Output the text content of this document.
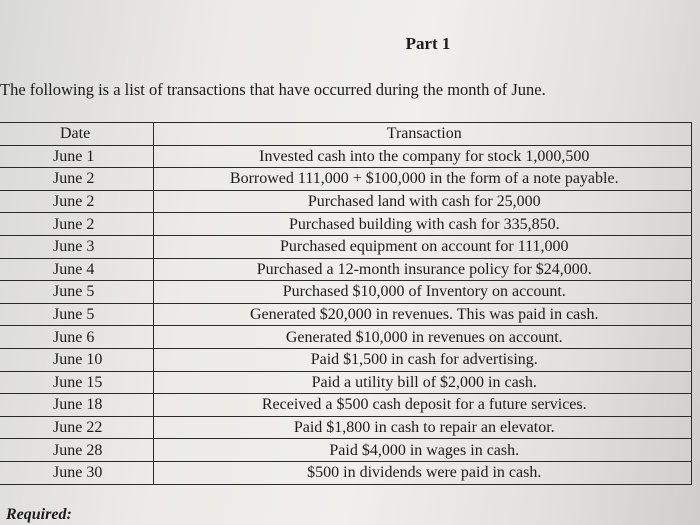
Part 1
The following is a list of transactions that have occurred during the month of June.
Date	Transaction
June 1	Invested cash into the company for stock 1,000,500
June 2	Borrowed 111,000 + $100,000 in the form of a note payable.
June 2	Purchased land with cash for 25,000
June 2	Purchased building with cash for 335,850.
June 3	Purchased equipment on account for 111,000
June 4	Purchased a 12-month insurance policy for $24,000.
June 5	Purchased $10,000 of Inventory on account.
June 5	Generated $20,000 in revenues. This was paid in cash.
June 6	Generated $10,000 in revenues on account.
June 10	Paid $1,500 in cash for advertising.
June 15	Paid a utility bill of $2,000 in cash.
June 18	Received a $500 cash deposit for a future services.
June 22	Paid $1,800 in cash to repair an elevator.
June 28	Paid $4,000 in wages in cash.
June 30	$500 in dividends were paid in cash.
Required:
